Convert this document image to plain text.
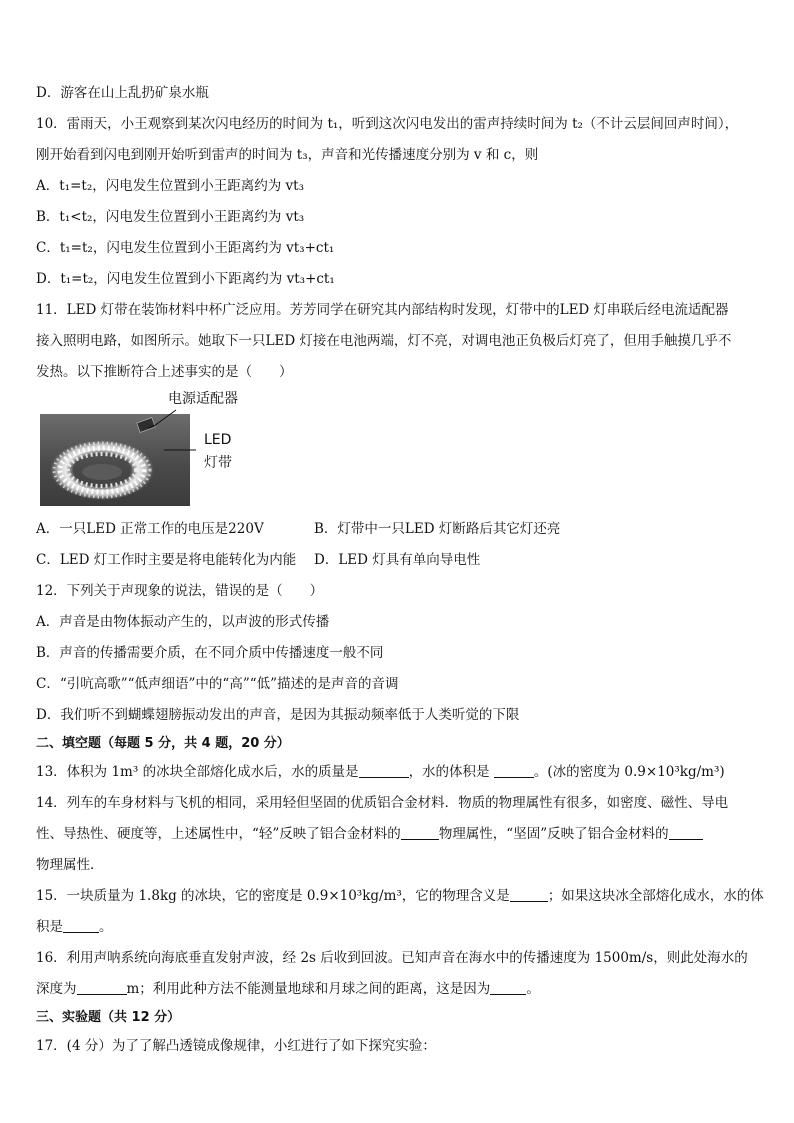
D．游客在山上乱扔矿泉水瓶
10．雷雨天，小王观察到某次闪电经历的时间为 t₁，听到这次闪电发出的雷声持续时间为 t₂（不计云层间回声时间），
刚开始看到闪电到刚开始听到雷声的时间为 t₃，声音和光传播速度分别为 v 和 c，则
A．t₁=t₂，闪电发生位置到小王距离约为 vt₃
B．t₁<t₂，闪电发生位置到小王距离约为 vt₃
C．t₁=t₂，闪电发生位置到小王距离约为 vt₃+ct₁
D．t₁=t₂，闪电发生位置到小下距离约为 vt₃+ct₁
11．LED 灯带在装饰材料中杯广泛应用。芳芳同学在研究其内部结构时发现，灯带中的LED 灯串联后经电流适配器
接入照明电路，如图所示。她取下一只LED 灯接在电池两端，灯不亮，对调电池正负极后灯亮了，但用手触摸几乎不
发热。以下推断符合上述事实的是（　　）
电源适配器
LED
灯带
A．一只LED 正常工作的电压是220V	B．灯带中一只LED 灯断路后其它灯还亮
C．LED 灯工作时主要是将电能转化为内能 D．LED 灯具有单向导电性
12．下列关于声现象的说法，错误的是（　　）
A．声音是由物体振动产生的，以声波的形式传播
B．声音的传播需要介质，在不同介质中传播速度一般不同
C．“引吭高歌”“低声细语”中的“高”“低”描述的是声音的音调
D．我们听不到蝴蝶翅膀振动发出的声音，是因为其振动频率低于人类听觉的下限
二、填空题（每题 5 分，共 4 题，20 分）
13．体积为 1m³ 的冰块全部熔化成水后，水的质量是	，水的体积是	。(冰的密度为 0.9×10³kg/m³)
14．列车的车身材料与飞机的相同，采用轻但坚固的优质铝合金材料．物质的物理属性有很多，如密度、磁性、导电
性、导热性、硬度等，上述属性中，“轻”反映了铝合金材料的	物理属性，“坚固”反映了铝合金材料的
物理属性．
15．一块质量为 1.8kg 的冰块，它的密度是 0.9×10³kg/m³，它的物理含义是	；如果这块冰全部熔化成水，水的体
积是	。
16．利用声呐系统向海底垂直发射声波，经 2s 后收到回波。已知声音在海水中的传播速度为 1500m/s，则此处海水的
深度为	m；利用此种方法不能测量地球和月球之间的距离，这是因为	。
三、实验题（共 12 分）
17．(4 分）为了了解凸透镜成像规律，小红进行了如下探究实验：
